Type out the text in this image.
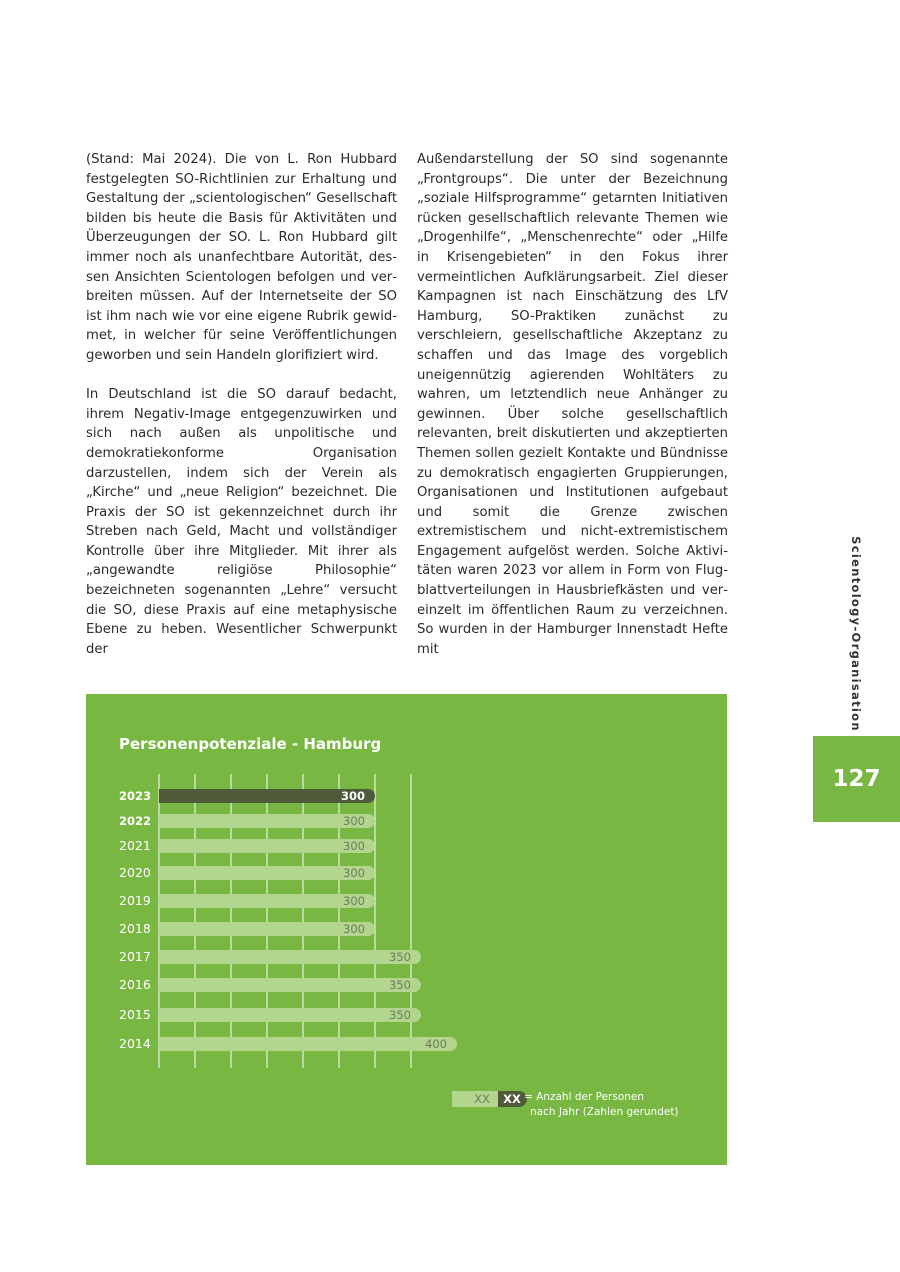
(Stand: Mai 2024). Die von L. Ron Hubbard festgelegten SO-Richtlinien zur Erhaltung und Gestaltung der „scientologischen“ Gesellschaft bilden bis heute die Basis für Aktivitäten und Überzeugungen der SO. L. Ron Hubbard gilt immer noch als unanfechtbare Autorität, dessen Ansichten Scientologen befolgen und verbreiten müssen. Auf der Internetseite der SO ist ihm nach wie vor eine eigene Rubrik gewidmet, in welcher für seine Veröffentlichungen geworben und sein Handeln glorifiziert wird.

In Deutschland ist die SO darauf bedacht, ihrem Negativ-Image entgegenzuwirken und sich nach außen als unpolitische und demokratiekonforme Organisation darzustellen, indem sich der Verein als „Kirche“ und „neue Religion“ bezeichnet. Die Praxis der SO ist gekennzeichnet durch ihr Streben nach Geld, Macht und vollständiger Kontrolle über ihre Mitglieder. Mit ihrer als „angewandte religiöse Philosophie“ bezeichneten sogenannten „Lehre“ versucht die SO, diese Praxis auf eine metaphysische Ebene zu heben. Wesentlicher Schwerpunkt der

Außendarstellung der SO sind sogenannte „Frontgroups“. Die unter der Bezeichnung „soziale Hilfsprogramme“ getarnten Initiativen rücken gesellschaftlich relevante Themen wie „Drogenhilfe“, „Menschenrechte“ oder „Hilfe in Krisengebieten“ in den Fokus ihrer vermeintlichen Aufklärungsarbeit. Ziel dieser Kampagnen ist nach Einschätzung des LfV Hamburg, SO-Praktiken zunächst zu verschleiern, gesellschaftliche Akzeptanz zu schaffen und das Image des vorgeblich uneigennützig agierenden Wohltäters zu wahren, um letztendlich neue Anhänger zu gewinnen. Über solche gesellschaftlich relevanten, breit diskutierten und akzeptierten Themen sollen gezielt Kontakte und Bündnisse zu demokratisch engagierten Gruppierungen, Organisationen und Institutionen aufgebaut und somit die Grenze zwischen extremistischem und nicht-extremistischem Engagement aufgelöst werden. Solche Aktivitäten waren 2023 vor allem in Form von Flugblattverteilungen in Hausbriefkästen und vereinzelt im öffentlichen Raum zu verzeichnen. So wurden in der Hamburger Innenstadt Hefte mit	Scientology-Organisation
127
Personenpotenziale - Hamburg
2023	300
2022	300
2021	300
2020	300
2019	300
2018	300
2017	350
2016	350
2015	350
2014	400
XX XX = Anzahl der Personen
nach Jahr (Zahlen gerundet)
